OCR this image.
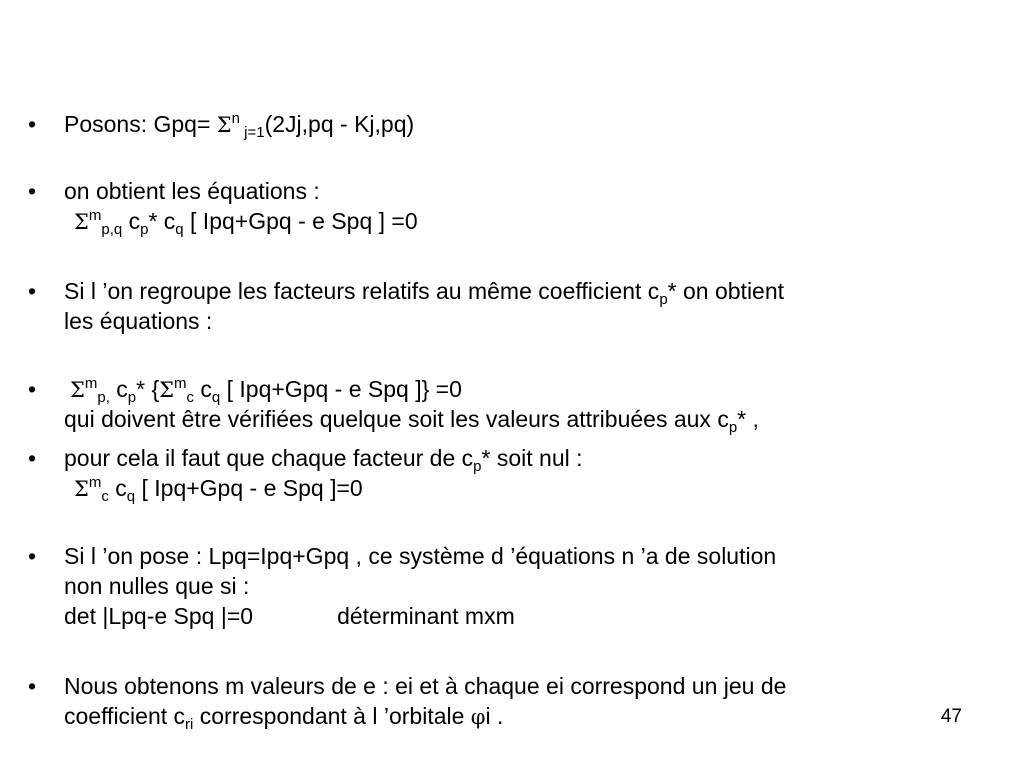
•	Posons: $Gpq= \Sigma^n$ $_{j=1}$(2Jj,pq - Kj,pq)
•	on obtient les équations :
$\Sigma^m_{p,q}$ $c_p*$ $c_q$ [ Ipq+Gpq - e Spq ] =0
•	Si l ’on regroupe les facteurs relatifs au même coefficient $c_p*$ on obtient
les équations :
•	$\Sigma^m_{p,}$ $c_p*$ {$\Sigma^m_c$ $c_q$ [ Ipq+Gpq - e Spq ]} =0
qui doivent être vérifiées quelque soit les valeurs attribuées aux $c_p*$ ,
•	pour cela il faut que chaque facteur de $c_p*$ soit nul :
$\Sigma^m_c$ $c_q$ [ Ipq+Gpq - e Spq ]=0
•	Si l ’on pose : Lpq=Ipq+Gpq , ce système d ’équations n ’a de solution
non nulles que si :
det |Lpq-e Spq |=0	déterminant mxm
•	Nous obtenons m valeurs de e : ei et à chaque ei correspond un jeu de
coefficient $c_{ri}$ correspondant à l ’orbitale φi .	47
